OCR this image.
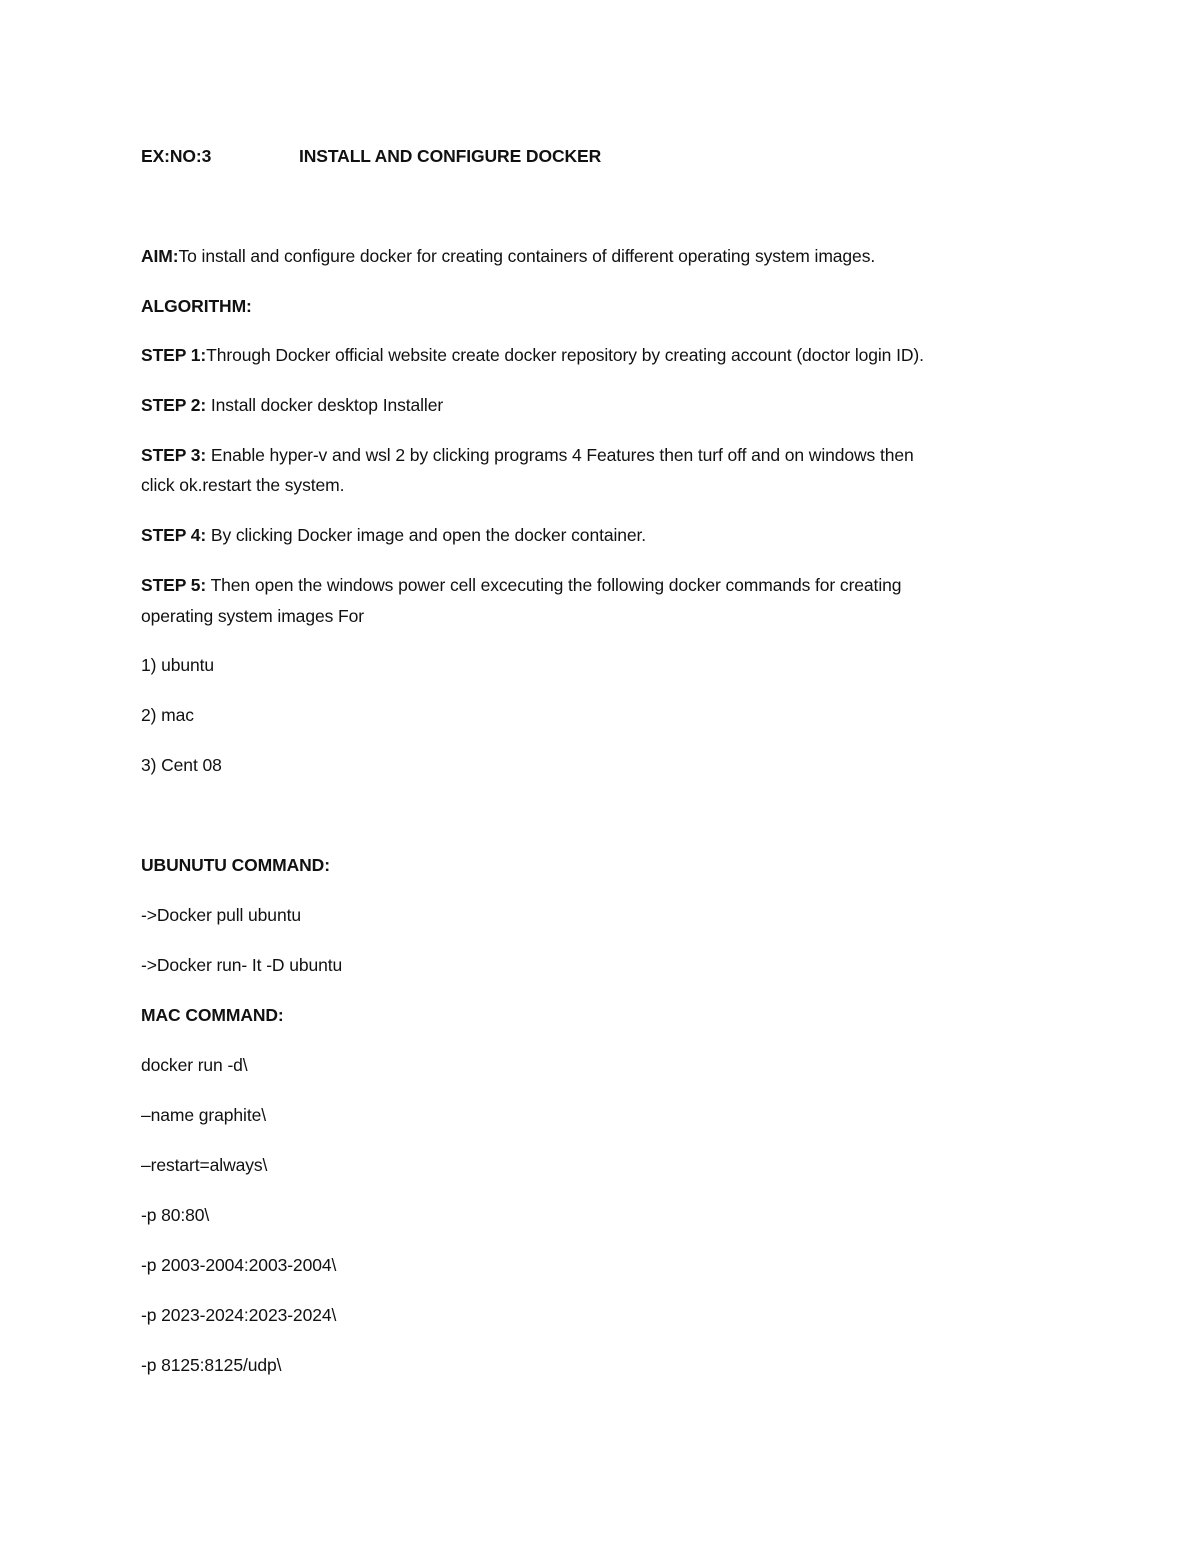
EX:NO:3	INSTALL AND CONFIGURE DOCKER
AIM:To install and configure docker for creating containers of different operating system images.
ALGORITHM:
STEP 1:Through Docker official website create docker repository by creating account (doctor login ID).
STEP 2: Install docker desktop Installer
STEP 3: Enable hyper-v and wsl 2 by clicking programs 4 Features then turf off and on windows then
click ok.restart the system.
STEP 4: By clicking Docker image and open the docker container.
STEP 5: Then open the windows power cell excecuting the following docker commands for creating
operating system images For
1) ubuntu
2) mac
3) Cent 08
UBUNUTU COMMAND:
->Docker pull ubuntu
->Docker run- It -D ubuntu
MAC COMMAND:
docker run -d\
–name graphite\
–restart=always\
-p 80:80\
-p 2003-2004:2003-2004\
-p 2023-2024:2023-2024\
-p 8125:8125/udp\
